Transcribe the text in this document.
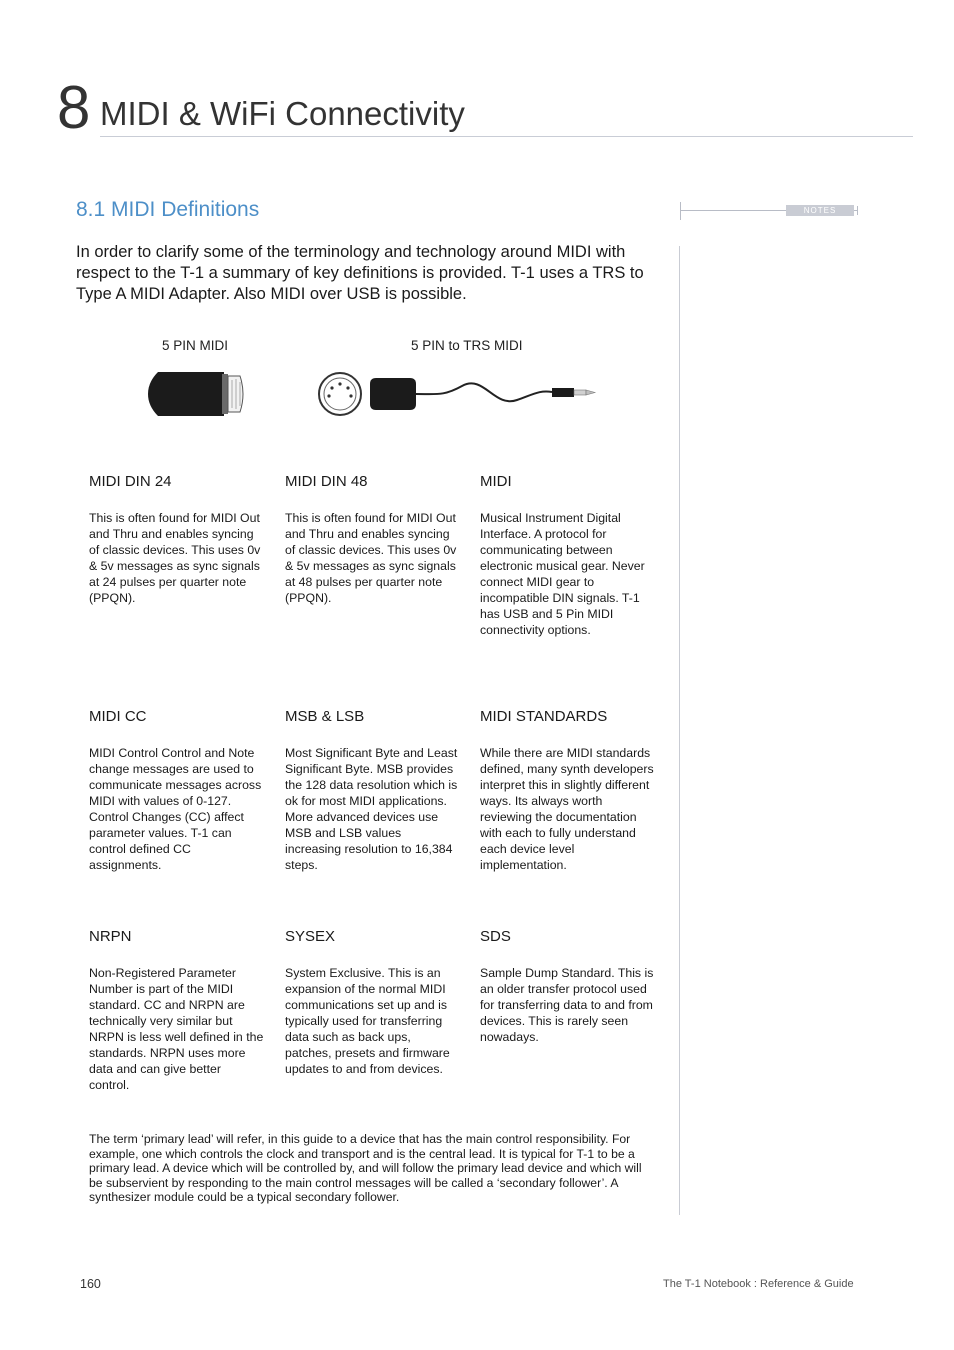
8 MIDI & WiFi Connectivity
8.1 MIDI Definitions
In order to clarify some of the terminology and technology around MIDI with respect to the T-1 a summary of key definitions is provided. T-1 uses a TRS to Type A MIDI Adapter. Also MIDI over USB is possible.
NOTES
5 PIN MIDI	5 PIN to TRS MIDI
MIDI DIN 24
This is often found for MIDI Out and Thru and enables syncing of classic devices. This uses 0v & 5v messages as sync signals at 24 pulses per quarter note (PPQN).
MIDI DIN 48
This is often found for MIDI Out and Thru and enables syncing of classic devices. This uses 0v & 5v messages as sync signals at 48 pulses per quarter note (PPQN).
MIDI
Musical Instrument Digital Interface. A protocol for communicating between electronic musical gear. Never connect MIDI gear to incompatible DIN signals. T-1 has USB and 5 Pin MIDI connectivity options.
MIDI CC
MIDI Control Control and Note change messages are used to communicate messages across MIDI with values of 0-127. Control Changes (CC) affect parameter values. T-1 can control defined CC assignments.
MSB & LSB
Most Significant Byte and Least Significant Byte. MSB provides the 128 data resolution which is ok for most MIDI applications. More advanced devices use MSB and LSB values increasing resolution to 16,384 steps.
MIDI STANDARDS
While there are MIDI standards defined, many synth developers interpret this in slightly different ways. Its always worth reviewing the documentation with each to fully understand each device level implementation.
NRPN
Non-Registered Parameter Number is part of the MIDI standard. CC and NRPN are technically very similar but NRPN is less well defined in the standards. NRPN uses more data and can give better control.
SYSEX
System Exclusive. This is an expansion of the normal MIDI communications set up and is typically used for transferring data such as back ups, patches, presets and firmware updates to and from devices.
SDS
Sample Dump Standard. This is an older transfer protocol used for transferring data to and from devices. This is rarely seen nowadays.
The term ‘primary lead’ will refer, in this guide to a device that has the main control responsibility. For example, one which controls the clock and transport and is the central lead. It is typical for T-1 to be a primary lead. A device which will be controlled by, and will follow the primary lead device and which will be subservient by responding to the main control messages will be called a ‘secondary follower’. A synthesizer module could be a typical secondary follower.
160	The T-1 Notebook : Reference & Guide
